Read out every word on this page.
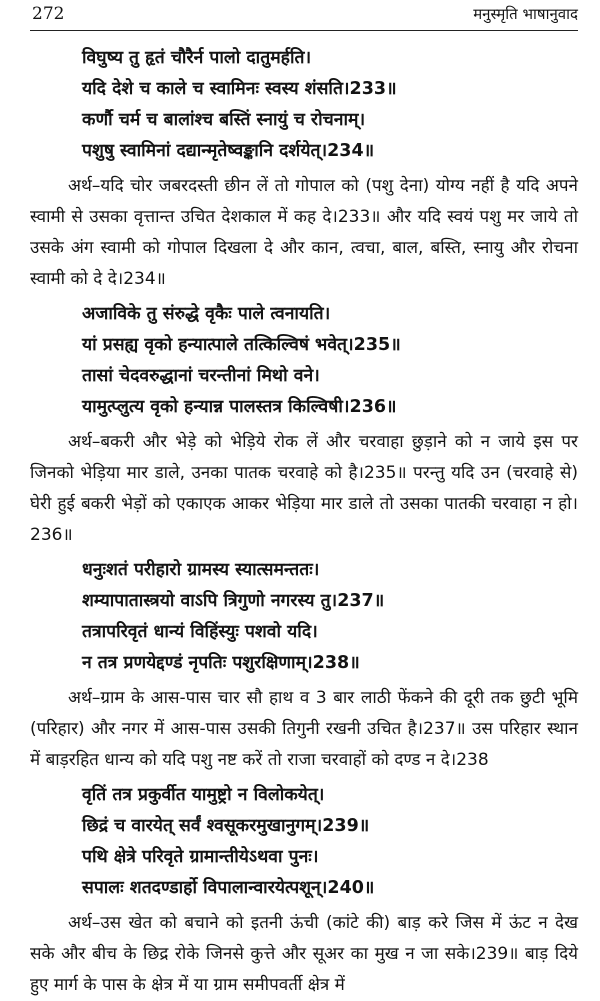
272	मनुस्मृति भाषानुवाद
विघुष्य तु हृतं चौरैर्न पालो दातुमर्हति।
यदि देशे च काले च स्वामिनः स्वस्य शंसति।233॥
कर्णौ चर्म च बालांश्च बस्तिं स्नायुं च रोचनाम्।
पशुषु स्वामिनां दद्यान्मृतेष्वङ्कानि दर्शयेत्।234॥
अर्थ–यदि चोर जबरदस्ती छीन लें तो गोपाल को (पशु देना) योग्य नहीं है यदि अपने स्वामी से उसका वृत्तान्त उचित देशकाल में कह दे।233॥ और यदि स्वयं पशु मर जाये तो उसके अंग स्वामी को गोपाल दिखला दे और कान, त्वचा, बाल, बस्ति, स्नायु और रोचना स्वामी को दे दे।234॥
अजाविके तु संरुद्धे वृकैः पाले त्वनायति।
यां प्रसह्य वृको हन्यात्पाले तत्किल्विषं भवेत्।235॥
तासां चेदवरुद्धानां चरन्तीनां मिथो वने।
यामुत्प्लुत्य वृको हन्यान्न पालस्तत्र किल्विषी।236॥
अर्थ–बकरी और भेड़े को भेड़िये रोक लें और चरवाहा छुड़ाने को न जाये इस पर जिनको भेड़िया मार डाले, उनका पातक चरवाहे को है।235॥ परन्तु यदि उन (चरवाहे से) घेरी हुई बकरी भेड़ों को एकाएक आकर भेड़िया मार डाले तो उसका पातकी चरवाहा न हो।236॥
धनुःशतं परीहारो ग्रामस्य स्यात्समन्ततः।
शम्यापातास्त्रयो वाऽपि त्रिगुणो नगरस्य तु।237॥
तत्रापरिवृतं धान्यं विहिंस्युः पशवो यदि।
न तत्र प्रणयेद्दण्डं नृपतिः पशुरक्षिणाम्।238॥
अर्थ–ग्राम के आस-पास चार सौ हाथ व 3 बार लाठी फेंकने की दूरी तक छुटी भूमि (परिहार) और नगर में आस-पास उसकी तिगुनी रखनी उचित है।237॥ उस परिहार स्थान में बाड़रहित धान्य को यदि पशु नष्ट करें तो राजा चरवाहों को दण्ड न दे।238
वृतिं तत्र प्रकुर्वीत यामुष्ट्रो न विलोकयेत्।
छिद्रं च वारयेत् सर्वं श्वसूकरमुखानुगम्।239॥
पथि क्षेत्रे परिवृते ग्रामान्तीयेऽथवा पुनः।
सपालः शतदण्डार्हो विपालान्वारयेत्पशून्।240॥
अर्थ–उस खेत को बचाने को इतनी ऊंची (कांटे की) बाड़ करे जिस में ऊंट न देख सके और बीच के छिद्र रोके जिनसे कुत्ते और सूअर का मुख न जा सके।239॥ बाड़ दिये हुए मार्ग के पास के क्षेत्र में या ग्राम समीपवर्ती क्षेत्र में
